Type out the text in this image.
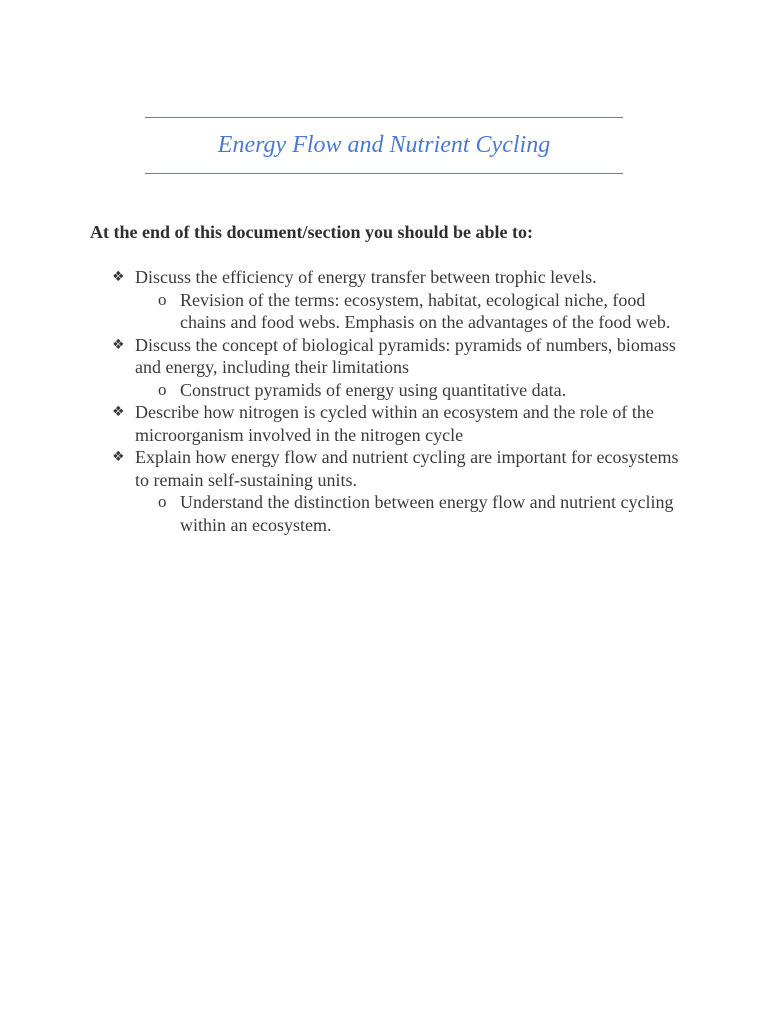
Energy Flow and Nutrient Cycling
At the end of this document/section you should be able to:
❖ Discuss the efficiency of energy transfer between trophic levels.
o Revision of the terms: ecosystem, habitat, ecological niche, food chains and food webs. Emphasis on the advantages of the food web.
❖ Discuss the concept of biological pyramids: pyramids of numbers, biomass and energy, including their limitations
o Construct pyramids of energy using quantitative data.
❖ Describe how nitrogen is cycled within an ecosystem and the role of the microorganism involved in the nitrogen cycle
❖ Explain how energy flow and nutrient cycling are important for ecosystems to remain self-sustaining units.
o Understand the distinction between energy flow and nutrient cycling within an ecosystem.
